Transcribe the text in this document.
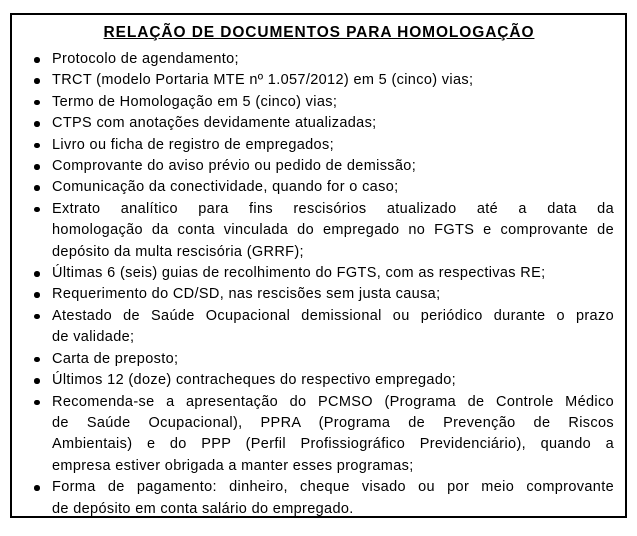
RELAÇÃO DE DOCUMENTOS PARA HOMOLOGAÇÃO
Protocolo de agendamento;
TRCT (modelo Portaria MTE nº 1.057/2012) em 5 (cinco) vias;
Termo de Homologação em 5 (cinco) vias;
CTPS com anotações devidamente atualizadas;
Livro ou ficha de registro de empregados;
Comprovante do aviso prévio ou pedido de demissão;
Comunicação da conectividade, quando for o caso;
Extrato analítico para fins rescisórios atualizado até a data da
homologação da conta vinculada do empregado no FGTS e comprovante de
depósito da multa rescisória (GRRF);
Últimas 6 (seis) guias de recolhimento do FGTS, com as respectivas RE;
Requerimento do CD/SD, nas rescisões sem justa causa;
Atestado de Saúde Ocupacional demissional ou periódico durante o prazo
de validade;
Carta de preposto;
Últimos 12 (doze) contracheques do respectivo empregado;
Recomenda-se a apresentação do PCMSO (Programa de Controle Médico
de Saúde Ocupacional), PPRA (Programa de Prevenção de Riscos
Ambientais) e do PPP (Perfil Profissiográfico Previdenciário), quando a
empresa estiver obrigada a manter esses programas;
Forma de pagamento: dinheiro, cheque visado ou por meio comprovante
de depósito em conta salário do empregado.
